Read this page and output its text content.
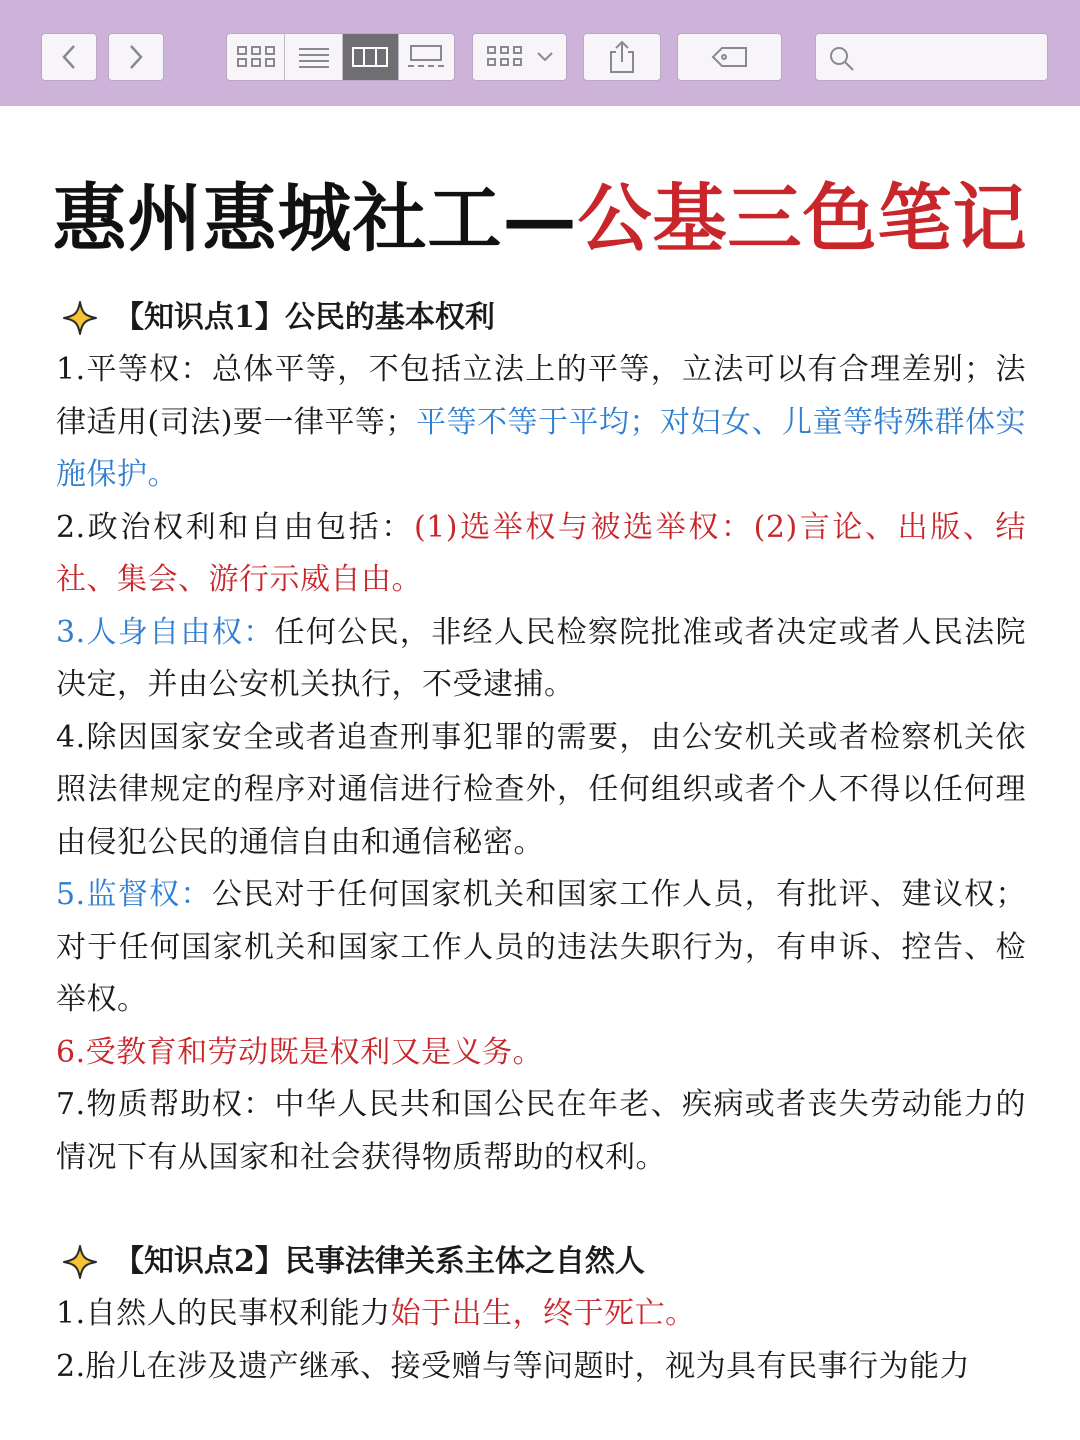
惠州惠城社工—公基三色笔记
【知识点1】公民的基本权利

1.平等权：总体平等，不包括立法上的平等，立法可以有合理差别；法律适用(司法)要一律平等；平等不等于平均；对妇女、儿童等特殊群体实施保护。

2.政治权利和自由包括：(1)选举权与被选举权：(2)言论、出版、结社、集会、游行示威自由。

3.人身自由权：任何公民，非经人民检察院批准或者决定或者人民法院决定，并由公安机关执行，不受逮捕。

4.除因国家安全或者追查刑事犯罪的需要，由公安机关或者检察机关依照法律规定的程序对通信进行检查外，任何组织或者个人不得以任何理由侵犯公民的通信自由和通信秘密。

5.监督权：公民对于任何国家机关和国家工作人员，有批评、建议权；对于任何国家机关和国家工作人员的违法失职行为，有申诉、控告、检举权。

6.受教育和劳动既是权利又是义务。

7.物质帮助权：中华人民共和国公民在年老、疾病或者丧失劳动能力的情况下有从国家和社会获得物质帮助的权利。

【知识点2】民事法律关系主体之自然人

1.自然人的民事权利能力始于出生，终于死亡。

2.胎儿在涉及遗产继承、接受赠与等问题时，视为具有民事行为能力
